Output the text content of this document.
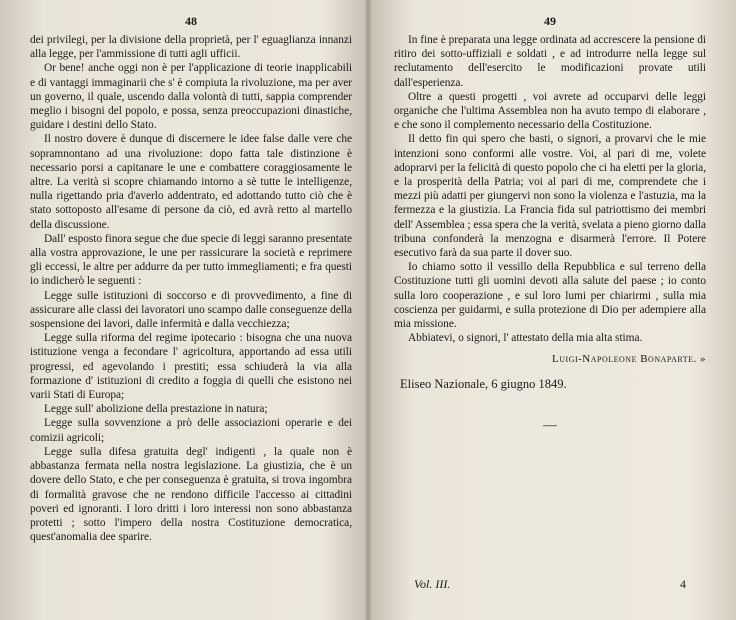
48

dei privilegi, per la divisione della proprietà, per l' eguaglianza innanzi alla legge, per l'ammissione di tutti agli ufficii.

Or bene! anche oggi non è per l'applicazione di teorie inapplicabili e di vantaggi immaginarii che s' è compiuta la rivoluzione, ma per aver un governo, il quale, uscendo dalla volontà di tutti, sappia comprender meglio i bisogni del popolo, e possa, senza preoccupazioni dinastiche, guidare i destini dello Stato.

Il nostro dovere è dunque di discernere le idee false dalle vere che sopramnontano ad una rivoluzione: dopo fatta tale distinzione è necessario porsi a capitanare le une e combattere coraggiosamente le altre. La verità si scopre chiamando intorno a sè tutte le intelligenze, nulla rigettando pria d'averlo addentrato, ed adottando tutto ciò che è stato sottoposto all'esame di persone da ciò, ed avrà retto al martello della discussione.

Dall' esposto finora segue che due specie di leggi saranno presentate alla vostra approvazione, le une per rassicurare la società e reprimere gli eccessi, le altre per addurre da per tutto immegliamenti; e fra questi io indicherò le seguenti :

Legge sulle istituzioni di soccorso e di provvedimento, a fine di assicurare alle classi dei lavoratori uno scampo dalle conseguenze della sospensione dei lavori, dalle infermità e dalla vecchiezza;

Legge sulla riforma del regime ipotecario : bisogna che una nuova istituzione venga a fecondare l' agricoltura, apportando ad essa utili progressi, ed agevolando i prestiti; essa schiuderà la via alla formazione d' istituzioni di credito a foggia di quelli che esistono nei varii Stati di Europa;

Legge sull' abolizione della prestazione in natura;

Legge sulla sovvenzione a prò delle associazioni operarie e dei comizii agricoli;

Legge sulla difesa gratuita degl' indigenti , la quale non è abbastanza fermata nella nostra legislazione. La giustizia, che è un dovere dello Stato, e che per conseguenza è gratuita, si trova ingombra di formalità gravose che ne rendono difficile l'accesso ai cittadini poveri ed ignoranti. I loro dritti i loro interessi non sono abbastanza protetti ; sotto l'impero della nostra Costituzione democratica, quest'anomalia dee sparire.

49

In fine è preparata una legge ordinata ad accrescere la pensione di ritiro dei sotto-uffiziali e soldati , e ad introdurre nella legge sul reclutamento dell'esercito le modificazioni provate utili dall'esperienza.

Oltre a questi progetti , voi avrete ad occuparvi delle leggi organiche che l'ultima Assemblea non ha avuto tempo di elaborare , e che sono il complemento necessario della Costituzione.

Il detto fin qui spero che basti, o signori, a provarvi che le mie intenzioni sono conformi alle vostre. Voi, al pari di me, volete adoprarvi per la felicità di questo popolo che ci ha eletti per la gloria, e la prosperità della Patria; voi al pari di me, comprendete che i mezzi più adatti per giungervi non sono la violenza e l'astuzia, ma la fermezza e la giustizia. La Francia fida sul patriottismo dei membri dell' Assemblea ; essa spera che la verità, svelata a pieno giorno dalla tribuna confonderà la menzogna e disarmerà l'errore. Il Potere esecutivo farà da sua parte il dover suo.

Io chiamo sotto il vessillo della Repubblica e sul terreno della Costituzione tutti gli uomini devoti alla salute del paese ; io conto sulla loro cooperazione , e sul loro lumi per chiarirmi , sulla mia coscienza per guidarmi, e sulla protezione di Dio per adempiere alla mia missione.

Abbiatevi, o signori, l' attestato della mia alta stima.

Luigi-Napoleone Bonaparte. »
Eliseo Nazionale, 6 giugno 1849.
—
Vol. III.	4
